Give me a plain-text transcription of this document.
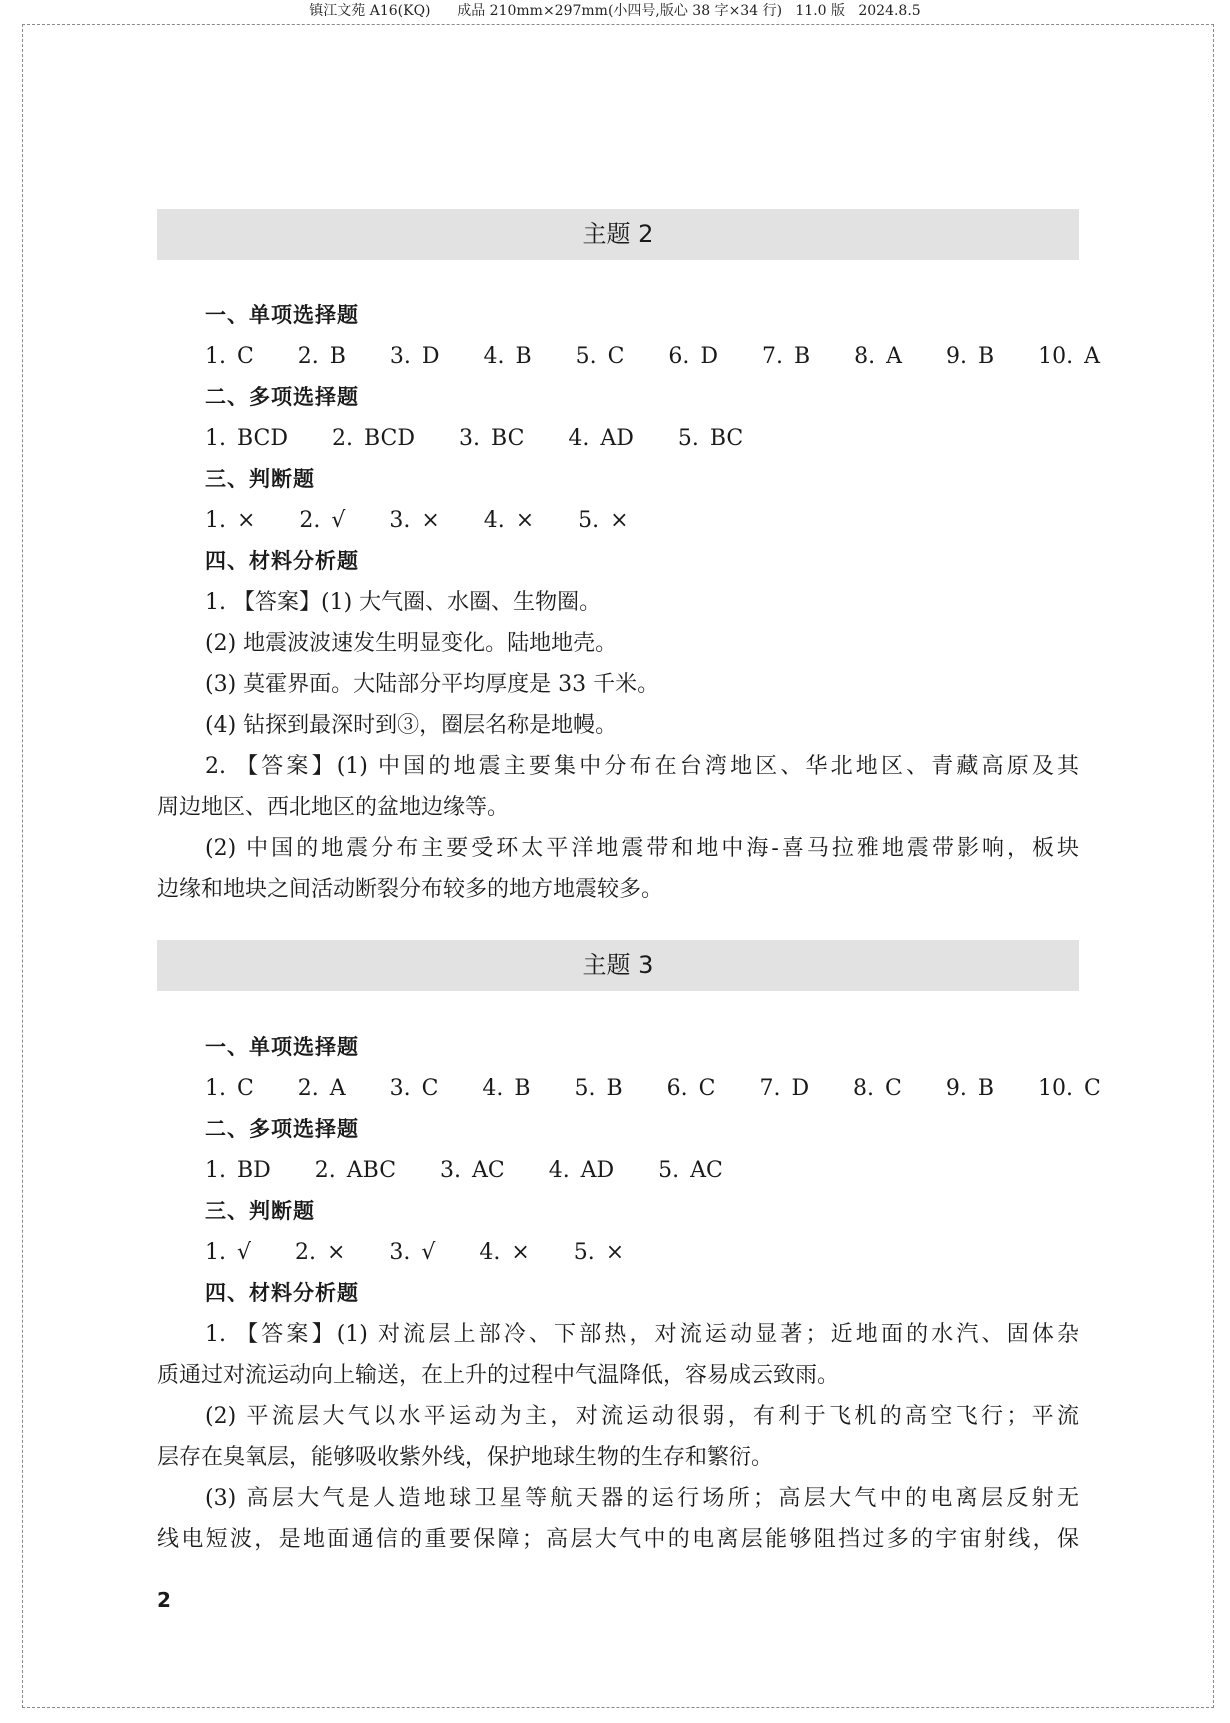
镇江文苑 A16(KQ)      成品 210mm×297mm(小四号,版心 38 字×34 行)   11.0 版   2024.8.5
主题 2
一、单项选择题
1. C    2. B    3. D    4. B    5. C    6. D    7. B    8. A    9. B    10. A
二、多项选择题
1. BCD    2. BCD    3. BC    4. AD    5. BC
三、判断题
1. ×    2. √    3. ×    4. ×    5. ×
四、材料分析题
1. 【答案】(1) 大气圈、水圈、生物圈。
(2) 地震波波速发生明显变化。陆地地壳。
(3) 莫霍界面。大陆部分平均厚度是 33 千米。
(4) 钻探到最深时到③，圈层名称是地幔。
2. 【答案】(1) 中国的地震主要集中分布在台湾地区、华北地区、青藏高原及其
周边地区、西北地区的盆地边缘等。
(2) 中国的地震分布主要受环太平洋地震带和地中海-喜马拉雅地震带影响，板块
边缘和地块之间活动断裂分布较多的地方地震较多。
主题 3
一、单项选择题
1. C    2. A    3. C    4. B    5. B    6. C    7. D    8. C    9. B    10. C
二、多项选择题
1. BD    2. ABC    3. AC    4. AD    5. AC
三、判断题
1. √    2. ×    3. √    4. ×    5. ×
四、材料分析题
1. 【答案】(1) 对流层上部冷、下部热，对流运动显著；近地面的水汽、固体杂
质通过对流运动向上输送，在上升的过程中气温降低，容易成云致雨。
(2) 平流层大气以水平运动为主，对流运动很弱，有利于飞机的高空飞行；平流
层存在臭氧层，能够吸收紫外线，保护地球生物的生存和繁衍。
(3) 高层大气是人造地球卫星等航天器的运行场所；高层大气中的电离层反射无
线电短波，是地面通信的重要保障；高层大气中的电离层能够阻挡过多的宇宙射线，保
2
